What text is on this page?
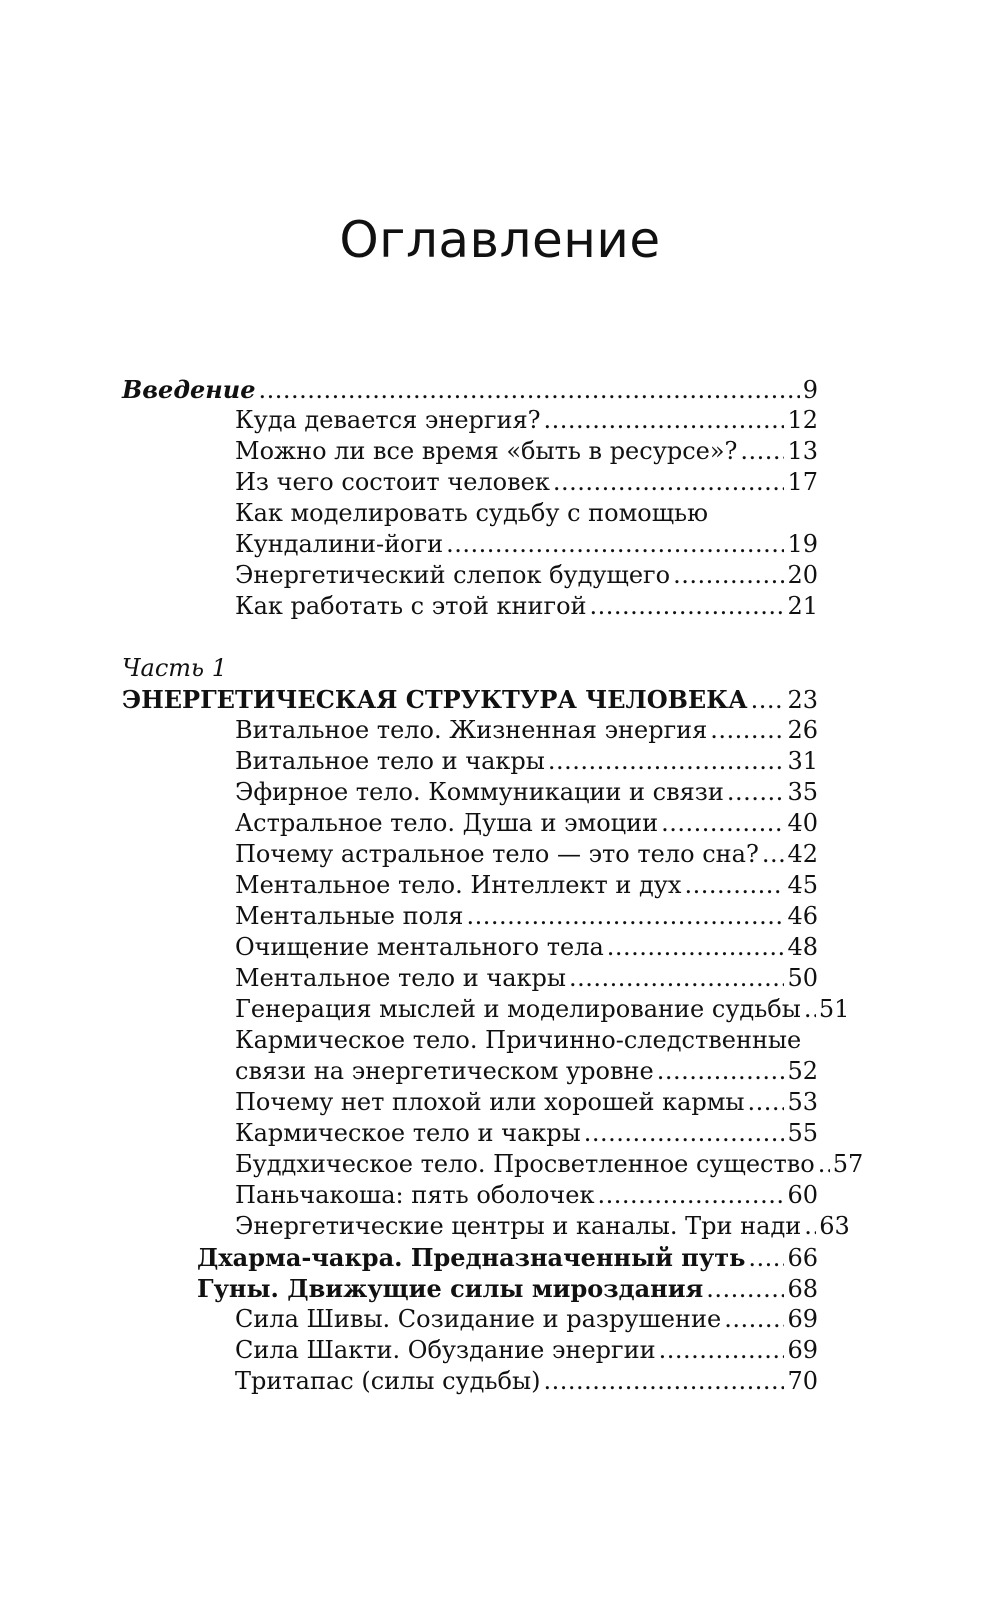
Оглавление
Введение .....	9
Куда девается энергия? .....	12
Можно ли все время «быть в ресурсе»? ..... 13
Из чего состоит человек .....	17
Как моделировать судьбу с помощью
Кундалини-йоги .....	19
Энергетический слепок будущего .....	20
Как работать с этой книгой .....	21
Часть 1
ЭНЕРГЕТИЧЕСКАЯ СТРУКТУРА ЧЕЛОВЕКА ..... 23
Витальное тело. Жизненная энергия .....	26
Витальное тело и чакры .....	31
Эфирное тело. Коммуникации и связи .....	35
Астральное тело. Душа и эмоции .....	40
Почему астральное тело — это тело сна? ..... 42
Ментальное тело. Интеллект и дух .....	45
Ментальные поля .....	46
Очищение ментального тела .....	48
Ментальное тело и чакры .....	50
Генерация мыслей и моделирование судьбы ..... 51
Кармическое тело. Причинно-следственные
связи на энергетическом уровне .....	52
Почему нет плохой или хорошей кармы ..... 53
Кармическое тело и чакры .....	55
Буддхическое тело. Просветленное существо ..... 57
Паньчакоша: пять оболочек .....	60
Энергетические центры и каналы. Три нади ..... 63
Дхарма-чакра. Предназначенный путь ..... 66
Гуны. Движущие силы мироздания .....	68
Сила Шивы. Созидание и разрушение .....	69
Сила Шакти. Обуздание энергии .....	69
Тритапас (силы судьбы) .....	70
